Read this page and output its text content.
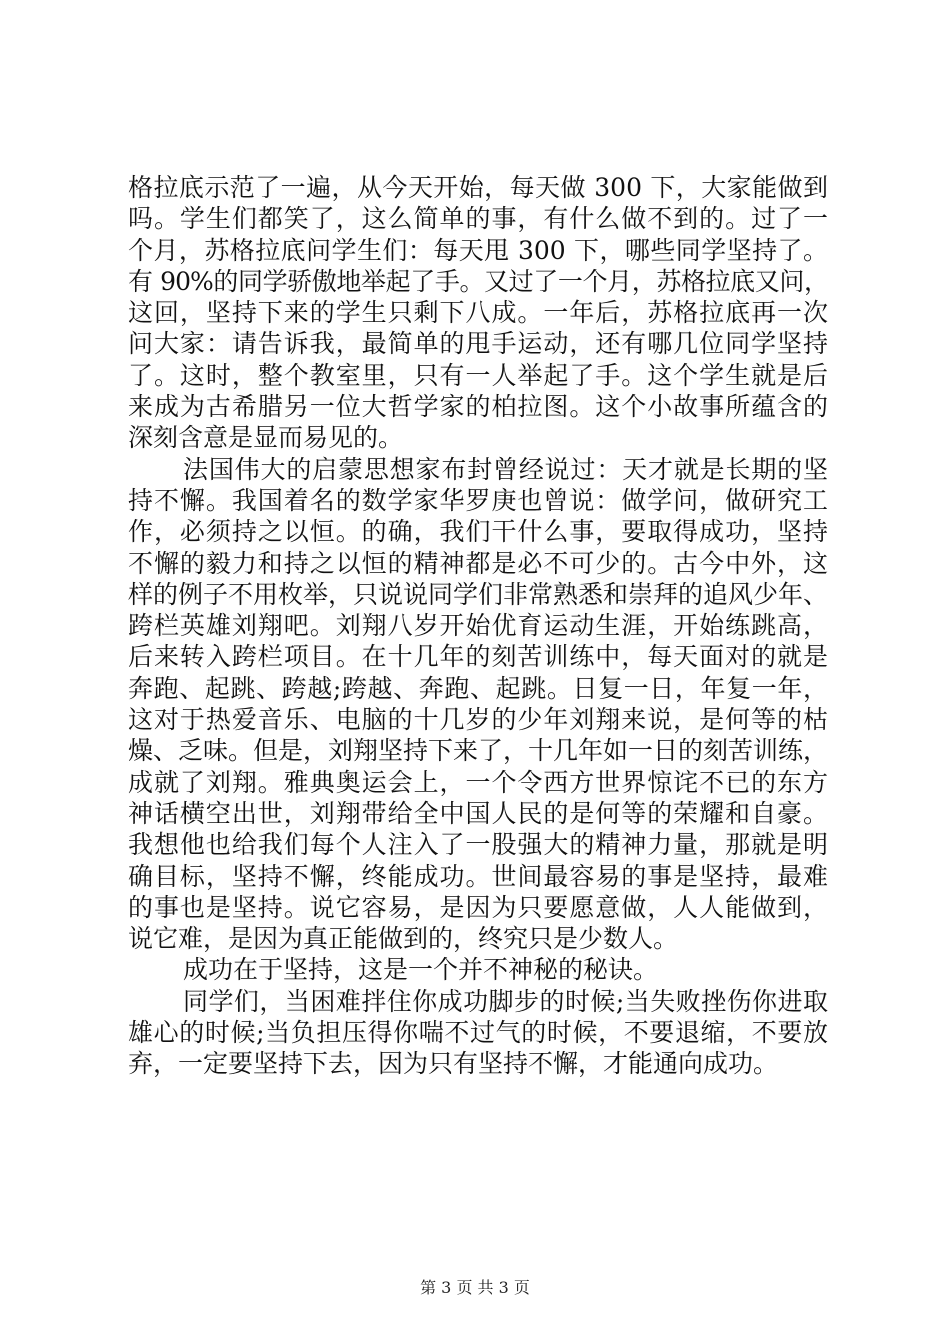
格拉底示范了一遍，从今天开始，每天做 300 下，大家能做到
吗。学生们都笑了，这么简单的事，有什么做不到的。过了一
个月，苏格拉底问学生们：每天甩 300 下，哪些同学坚持了。
有 90%的同学骄傲地举起了手。又过了一个月，苏格拉底又问，
这回，坚持下来的学生只剩下八成。一年后，苏格拉底再一次
问大家：请告诉我，最简单的甩手运动，还有哪几位同学坚持
了。这时，整个教室里，只有一人举起了手。这个学生就是后
来成为古希腊另一位大哲学家的柏拉图。这个小故事所蕴含的
深刻含意是显而易见的。
法国伟大的启蒙思想家布封曾经说过：天才就是长期的坚
持不懈。我国着名的数学家华罗庚也曾说：做学问，做研究工
作，必须持之以恒。的确，我们干什么事，要取得成功，坚持
不懈的毅力和持之以恒的精神都是必不可少的。古今中外，这
样的例子不用枚举，只说说同学们非常熟悉和崇拜的追风少年、
跨栏英雄刘翔吧。刘翔八岁开始优育运动生涯，开始练跳高，
后来转入跨栏项目。在十几年的刻苦训练中，每天面对的就是
奔跑、起跳、跨越;跨越、奔跑、起跳。日复一日，年复一年，
这对于热爱音乐、电脑的十几岁的少年刘翔来说，是何等的枯
燥、乏味。但是，刘翔坚持下来了，十几年如一日的刻苦训练，
成就了刘翔。雅典奥运会上，一个令西方世界惊诧不已的东方
神话横空出世，刘翔带给全中国人民的是何等的荣耀和自豪。
我想他也给我们每个人注入了一股强大的精神力量，那就是明
确目标，坚持不懈，终能成功。世间最容易的事是坚持，最难
的事也是坚持。说它容易，是因为只要愿意做，人人能做到，
说它难，是因为真正能做到的，终究只是少数人。
成功在于坚持，这是一个并不神秘的秘诀。
同学们，当困难拌住你成功脚步的时候;当失败挫伤你进取
雄心的时候;当负担压得你喘不过气的时候，不要退缩，不要放
弃，一定要坚持下去，因为只有坚持不懈，才能通向成功。
第 3 页 共 3 页
